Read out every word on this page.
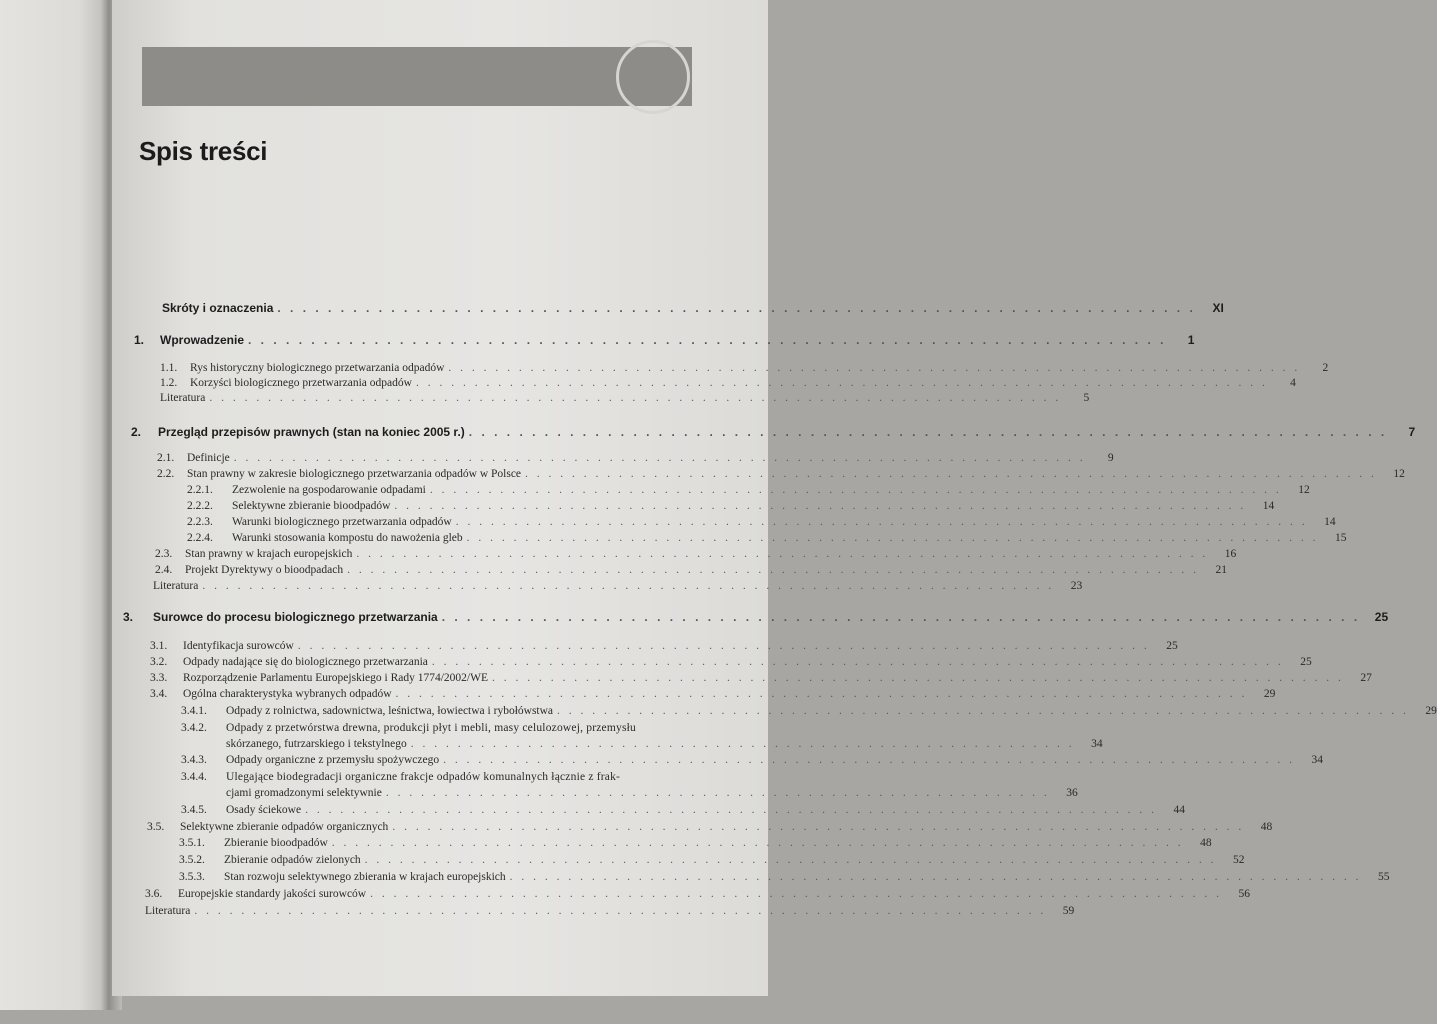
Spis treści
Skróty i oznaczenia . . . . . . . . . . . . . . . . . . . . . . . . . . . . . . . . . . . . . . . . . . . . . . . . . . . . . . . . . . . . . . . . . . . . . . . . .	XI
1.	Wprowadzenie . . . . . . . . . . . . . . . . . . . . . . . . . . . . . . . . . . . . . . . . . . . . . . . . . . . . . . . . . . . . . . . . . . . . . . . . .	1
1.1.	Rys historyczny biologicznego przetwarzania odpadów . . . . . . . . . . . . . . . . . . . . . . . . . . . . . . . . . . . . . . . . . . . . . . . . . . . . . . . . . . . . . . . . . . . . . . . . .	2
1.2.	Korzyści biologicznego przetwarzania odpadów . . . . . . . . . . . . . . . . . . . . . . . . . . . . . . . . . . . . . . . . . . . . . . . . . . . . . . . . . . . . . . . . . . . . . . . . .	4
Literatura . . . . . . . . . . . . . . . . . . . . . . . . . . . . . . . . . . . . . . . . . . . . . . . . . . . . . . . . . . . . . . . . . . . . . . . . .	5
2.	Przegląd przepisów prawnych (stan na koniec 2005 r.) . . . . . . . . . . . . . . . . . . . . . . . . . . . . . . . . . . . . . . . . . . . . . . . . . . . . . . . . . . . . . . . . . . . . . . . . .	7
2.1.	Definicje . . . . . . . . . . . . . . . . . . . . . . . . . . . . . . . . . . . . . . . . . . . . . . . . . . . . . . . . . . . . . . . . . . . . . . . . .	9
2.2.	Stan prawny w zakresie biologicznego przetwarzania odpadów w Polsce . . . . . . . . . . . . . . . . . . . . . . . . . . . . . . . . . . . . . . . . . . . . . . . . . . . . . . . . . . . . . . . . . . . . . . . . .	12
2.2.1.	Zezwolenie na gospodarowanie odpadami . . . . . . . . . . . . . . . . . . . . . . . . . . . . . . . . . . . . . . . . . . . . . . . . . . . . . . . . . . . . . . . . . . . . . . . . .	12
2.2.2.	Selektywne zbieranie bioodpadów . . . . . . . . . . . . . . . . . . . . . . . . . . . . . . . . . . . . . . . . . . . . . . . . . . . . . . . . . . . . . . . . . . . . . . . . .	14
2.2.3.	Warunki biologicznego przetwarzania odpadów . . . . . . . . . . . . . . . . . . . . . . . . . . . . . . . . . . . . . . . . . . . . . . . . . . . . . . . . . . . . . . . . . . . . . . . . .	14
2.2.4.	Warunki stosowania kompostu do nawożenia gleb . . . . . . . . . . . . . . . . . . . . . . . . . . . . . . . . . . . . . . . . . . . . . . . . . . . . . . . . . . . . . . . . . . . . . . . . .	15
2.3.	Stan prawny w krajach europejskich . . . . . . . . . . . . . . . . . . . . . . . . . . . . . . . . . . . . . . . . . . . . . . . . . . . . . . . . . . . . . . . . . . . . . . . . .	16
2.4.	Projekt Dyrektywy o bioodpadach . . . . . . . . . . . . . . . . . . . . . . . . . . . . . . . . . . . . . . . . . . . . . . . . . . . . . . . . . . . . . . . . . . . . . . . . .	21
Literatura . . . . . . . . . . . . . . . . . . . . . . . . . . . . . . . . . . . . . . . . . . . . . . . . . . . . . . . . . . . . . . . . . . . . . . . . .	23
3.	Surowce do procesu biologicznego przetwarzania . . . . . . . . . . . . . . . . . . . . . . . . . . . . . . . . . . . . . . . . . . . . . . . . . . . . . . . . . . . . . . . . . . . . . . . . .	25
3.1.	Identyfikacja surowców . . . . . . . . . . . . . . . . . . . . . . . . . . . . . . . . . . . . . . . . . . . . . . . . . . . . . . . . . . . . . . . . . . . . . . . . .	25
3.2.	Odpady nadające się do biologicznego przetwarzania . . . . . . . . . . . . . . . . . . . . . . . . . . . . . . . . . . . . . . . . . . . . . . . . . . . . . . . . . . . . . . . . . . . . . . . . .	25
3.3.	Rozporządzenie Parlamentu Europejskiego i Rady 1774/2002/WE . . . . . . . . . . . . . . . . . . . . . . . . . . . . . . . . . . . . . . . . . . . . . . . . . . . . . . . . . . . . . . . . . . . . . . . . .	27
3.4.	Ogólna charakterystyka wybranych odpadów . . . . . . . . . . . . . . . . . . . . . . . . . . . . . . . . . . . . . . . . . . . . . . . . . . . . . . . . . . . . . . . . . . . . . . . . .	29
3.4.1.	Odpady z rolnictwa, sadownictwa, leśnictwa, łowiectwa i rybołówstwa . . . . . . . . . . . . . . . . . . . . . . . . . . . . . . . . . . . . . . . . . . . . . . . . . . . . . . . . . . . . . . . . . . . . . . . . .	29
3.4.2.	Odpady z przetwórstwa drewna, produkcji płyt i mebli, masy celulozowej, przemysłu
skórzanego, futrzarskiego i tekstylnego . . . . . . . . . . . . . . . . . . . . . . . . . . . . . . . . . . . . . . . . . . . . . . . . . . . . . . . . .	34
3.4.3.	Odpady organiczne z przemysłu spożywczego . . . . . . . . . . . . . . . . . . . . . . . . . . . . . . . . . . . . . . . . . . . . . . . . . . . . . . . . . . . . . . . . . . . . . . . . .	34
3.4.4.	Ulegające biodegradacji organiczne frakcje odpadów komunalnych łącznie z frak-
cjami gromadzonymi selektywnie . . . . . . . . . . . . . . . . . . . . . . . . . . . . . . . . . . . . . . . . . . . . . . . . . . . . . . . . .	36
3.4.5.	Osady ściekowe . . . . . . . . . . . . . . . . . . . . . . . . . . . . . . . . . . . . . . . . . . . . . . . . . . . . . . . . . . . . . . . . . . . . . . . . .	44
3.5.	Selektywne zbieranie odpadów organicznych . . . . . . . . . . . . . . . . . . . . . . . . . . . . . . . . . . . . . . . . . . . . . . . . . . . . . . . . . . . . . . . . . . . . . . . . .	48
3.5.1.	Zbieranie bioodpadów . . . . . . . . . . . . . . . . . . . . . . . . . . . . . . . . . . . . . . . . . . . . . . . . . . . . . . . . . . . . . . . . . . . . . . . . .	48
3.5.2.	Zbieranie odpadów zielonych . . . . . . . . . . . . . . . . . . . . . . . . . . . . . . . . . . . . . . . . . . . . . . . . . . . . . . . . . . . . . . . . . . . . . . . . .	52
3.5.3.	Stan rozwoju selektywnego zbierania w krajach europejskich . . . . . . . . . . . . . . . . . . . . . . . . . . . . . . . . . . . . . . . . . . . . . . . . . . . . . . . . . . . . . . . . . . . . . . . . .	55
3.6.	Europejskie standardy jakości surowców . . . . . . . . . . . . . . . . . . . . . . . . . . . . . . . . . . . . . . . . . . . . . . . . . . . . . . . . . . . . . . . . . . . . . . . . .	56
Literatura . . . . . . . . . . . . . . . . . . . . . . . . . . . . . . . . . . . . . . . . . . . . . . . . . . . . . . . . . . . . . . . . . . . . . . . . .	59
